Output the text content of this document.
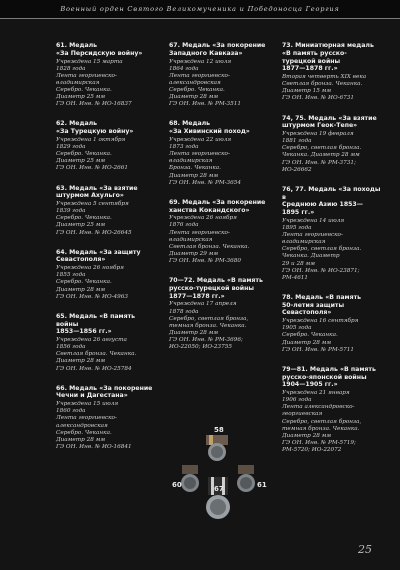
Военный орден Святого Великомученика и Победоносца Георгия
61. Медаль
«За Персидскую войну»
Учреждена 15 марта
1828 года
Лента георгиевско-
владимирская
Серебро. Чеканка.
Диаметр 25 мм
ГЭ ОН. Инв. № ИО-16837
62. Медаль
«За Турецкую войну»
Учреждена 1 октября
1829 года
Серебро. Чеканка.
Диаметр 25 мм
ГЭ ОН. Инв. № ИО-2661
63. Медаль «За взятие
штурмом Ахульго»
Учреждена 5 сентября
1839 года
Серебро. Чеканка.
Диаметр 25 мм
ГЭ ОН. Инв. № ИО-26645
64. Медаль «За защиту
Севастополя»
Учреждена 26 ноября
1855 года
Серебро. Чеканка.
Диаметр 28 мм
ГЭ ОН. Инв. № ИО-4963
65. Медаль «В память
войны
1853—1856 гг.»
Учреждена 26 августа
1856 года
Светлая бронза. Чеканка.
Диаметр 28 мм
ГЭ ОН. Инв. № ИО-25784
66. Медаль «За покорение
Чечни и Дагестана»
Учреждена 15 июля
1860 года
Лента георгиевско-
александровская
Серебро. Чеканка.
Диаметр 28 мм
ГЭ ОН. Инв. № ИО-16841
67. Медаль «За покорение
Западного Кавказа»
Учреждена 12 июля
1864 года
Лента георгиевско-
александровская
Серебро. Чеканка.
Диаметр 28 мм
ГЭ ОН. Инв. № РМ-3511
68. Медаль
«За Хивинский поход»
Учреждена 22 июля
1873 года
Лента георгиевско-
владимирская
Бронза. Чеканка.
Диаметр 28 мм
ГЭ ОН. Инв. № РМ-3654
69. Медаль «За покорение
ханства Кокандского»
Учреждена 26 ноября
1876 года
Лента георгиевско-
владимирская
Светлая бронза. Чеканка.
Диаметр 29 мм
ГЭ ОН. Инв. № РМ-3680
70—72. Медаль «В память
русско-турецкой войны
1877—1878 гг.»
Учреждена 17 апреля
1878 года
Серебро, светлая бронза,
темная бронза. Чеканка.
Диаметр 28 мм
ГЭ ОН. Инв. № РМ-3696;
ИО-22050; ИО-23755
73. Миниатюрная медаль
«В память русско-
турецкой войны
1877—1878 гг.»
Вторая четверть XIX века
Светлая бронза. Чеканка.
Диаметр 15 мм
ГЭ ОН. Инв. № ИО-6731
74, 75. Медаль «За взятие
штурмом Геок-Тепе»
Учреждена 19 февраля
1881 года
Серебро, светлая бронза.
Чеканка. Диаметр 28 мм
ГЭ ОН. Инв. № РМ-3731;
ИО-26662
76, 77. Медаль «За походы в
Среднюю Азию 1853—
1895 гг.»
Учреждена 14 июля
1895 года
Лента георгиевско-
владимирская
Серебро, светлая бронза.
Чеканка. Диаметр
29 и 28 мм
ГЭ ОН. Инв. № ИО-23871;
РМ-4611
78. Медаль «В память
50-летия защиты
Севастополя»
Учреждена 16 сентября
1905 года
Серебро. Чеканка.
Диаметр 28 мм
ГЭ ОН. Инв. № РМ-5711
79—81. Медаль «В память
русско-японской войны
1904—1905 гг.»
Учреждена 21 января
1906 года
Лента александровско-
георгиевская
Серебро, светлая бронза,
темная бронза. Чеканка.
Диаметр 28 мм
ГЭ ОН. Инв. № РМ-5719;
РМ-5720; ИО-22072
58
60	67	61
25
